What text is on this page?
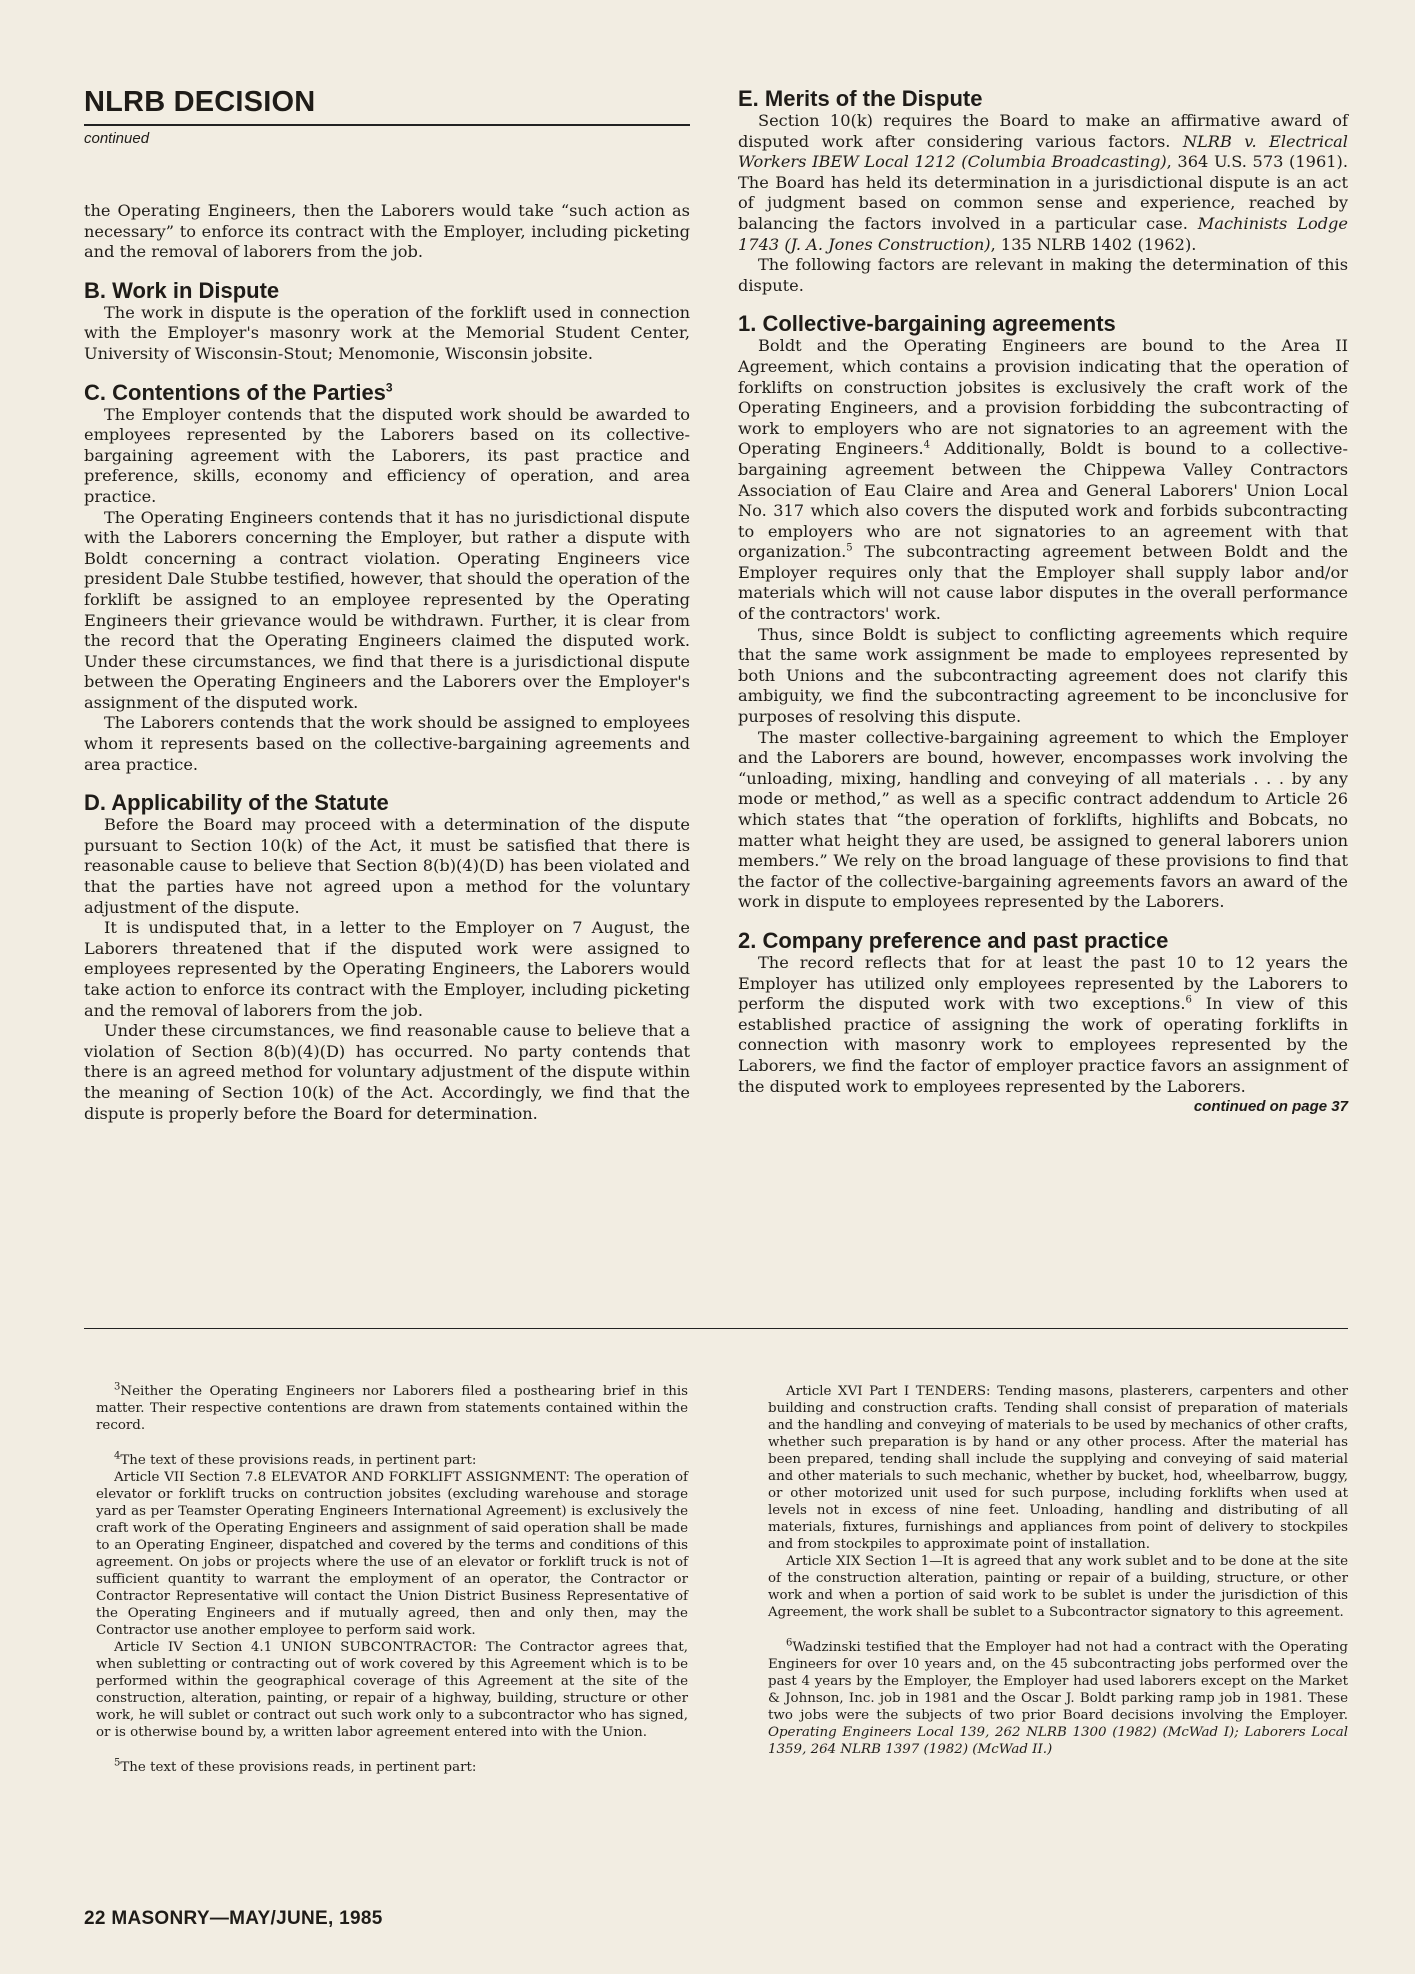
NLRB DECISION
continued

the Operating Engineers, then the Laborers would take “such action as necessary” to enforce its contract with the Employer, including picketing and the removal of laborers from the job.

B. Work in Dispute

The work in dispute is the operation of the forklift used in connection with the Employer's masonry work at the Memorial Student Center, University of Wisconsin-Stout; Menomonie, Wisconsin jobsite.

C. Contentions of the Parties$^3$

The Employer contends that the disputed work should be awarded to employees represented by the Laborers based on its collective-bargaining agreement with the Laborers, its past practice and preference, skills, economy and efficiency of operation, and area practice.

The Operating Engineers contends that it has no jurisdictional dispute with the Laborers concerning the Employer, but rather a dispute with Boldt concerning a contract violation. Operating Engineers vice president Dale Stubbe testified, however, that should the operation of the forklift be assigned to an employee represented by the Operating Engineers their grievance would be withdrawn. Further, it is clear from the record that the Operating Engineers claimed the disputed work. Under these circumstances, we find that there is a jurisdictional dispute between the Operating Engineers and the Laborers over the Employer's assignment of the disputed work.

The Laborers contends that the work should be assigned to employees whom it represents based on the collective-bargaining agreements and area practice.

D. Applicability of the Statute

Before the Board may proceed with a determination of the dispute pursuant to Section 10(k) of the Act, it must be satisfied that there is reasonable cause to believe that Section 8(b)(4)(D) has been violated and that the parties have not agreed upon a method for the voluntary adjustment of the dispute.

It is undisputed that, in a letter to the Employer on 7 August, the Laborers threatened that if the disputed work were assigned to employees represented by the Operating Engineers, the Laborers would take action to enforce its contract with the Employer, including picketing and the removal of laborers from the job.

Under these circumstances, we find reasonable cause to believe that a violation of Section 8(b)(4)(D) has occurred. No party contends that there is an agreed method for voluntary adjustment of the dispute within the meaning of Section 10(k) of the Act. Accordingly, we find that the dispute is properly before the Board for determination.

E. Merits of the Dispute

Section 10(k) requires the Board to make an affirmative award of disputed work after considering various factors. NLRB v. Electrical Workers IBEW Local 1212 (Columbia Broadcasting), 364 U.S. 573 (1961). The Board has held its determination in a jurisdictional dispute is an act of judgment based on common sense and experience, reached by balancing the factors involved in a particular case. Machinists Lodge 1743 (J. A. Jones Construction), 135 NLRB 1402 (1962).

The following factors are relevant in making the determination of this dispute.

1. Collective-bargaining agreements

Boldt and the Operating Engineers are bound to the Area II Agreement, which contains a provision indicating that the operation of forklifts on construction jobsites is exclusively the craft work of the Operating Engineers, and a provision forbidding the subcontracting of work to employers who are not signatories to an agreement with the Operating Engineers.$^4$ Additionally, Boldt is bound to a collective-bargaining agreement between the Chippewa Valley Contractors Association of Eau Claire and Area and General Laborers' Union Local No. 317 which also covers the disputed work and forbids subcontracting to employers who are not signatories to an agreement with that organization.$^5$ The subcontracting agreement between Boldt and the Employer requires only that the Employer shall supply labor and/or materials which will not cause labor disputes in the overall performance of the contractors' work.

Thus, since Boldt is subject to conflicting agreements which require that the same work assignment be made to employees represented by both Unions and the subcontracting agreement does not clarify this ambiguity, we find the subcontracting agreement to be inconclusive for purposes of resolving this dispute.

The master collective-bargaining agreement to which the Employer and the Laborers are bound, however, encompasses work involving the “unloading, mixing, handling and conveying of all materials . . . by any mode or method,” as well as a specific contract addendum to Article 26 which states that “the operation of forklifts, highlifts and Bobcats, no matter what height they are used, be assigned to general laborers union members.” We rely on the broad language of these provisions to find that the factor of the collective-bargaining agreements favors an award of the work in dispute to employees represented by the Laborers.

2. Company preference and past practice

The record reflects that for at least the past 10 to 12 years the Employer has utilized only employees represented by the Laborers to perform the disputed work with two exceptions.$^6$ In view of this established practice of assigning the work of operating forklifts in connection with masonry work to employees represented by the Laborers, we find the factor of employer practice favors an assignment of the disputed work to employees represented by the Laborers.
continued on page 37

$^3$Neither the Operating Engineers nor Laborers filed a posthearing brief in this matter. Their respective contentions are drawn from statements contained within the record.

$^4$The text of these provisions reads, in pertinent part:

Article VII Section 7.8 ELEVATOR AND FORKLIFT ASSIGNMENT: The operation of elevator or forklift trucks on contruction jobsites (excluding warehouse and storage yard as per Teamster Operating Engineers International Agreement) is exclusively the craft work of the Operating Engineers and assignment of said operation shall be made to an Operating Engineer, dispatched and covered by the terms and conditions of this agreement. On jobs or projects where the use of an elevator or forklift truck is not of sufficient quantity to warrant the employment of an operator, the Contractor or Contractor Representative will contact the Union District Business Representative of the Operating Engineers and if mutually agreed, then and only then, may the Contractor use another employee to perform said work.

Article IV Section 4.1 UNION SUBCONTRACTOR: The Contractor agrees that, when subletting or contracting out of work covered by this Agreement which is to be performed within the geographical coverage of this Agreement at the site of the construction, alteration, painting, or repair of a highway, building, structure or other work, he will sublet or contract out such work only to a subcontractor who has signed, or is otherwise bound by, a written labor agreement entered into with the Union.

$^5$The text of these provisions reads, in pertinent part:

Article XVI Part I TENDERS: Tending masons, plasterers, carpenters and other building and construction crafts. Tending shall consist of preparation of materials and the handling and conveying of materials to be used by mechanics of other crafts, whether such preparation is by hand or any other process. After the material has been prepared, tending shall include the supplying and conveying of said material and other materials to such mechanic, whether by bucket, hod, wheelbarrow, buggy, or other motorized unit used for such purpose, including forklifts when used at levels not in excess of nine feet. Unloading, handling and distributing of all materials, fixtures, furnishings and appliances from point of delivery to stockpiles and from stockpiles to approximate point of installation.

Article XIX Section 1—It is agreed that any work sublet and to be done at the site of the construction alteration, painting or repair of a building, structure, or other work and when a portion of said work to be sublet is under the jurisdiction of this Agreement, the work shall be sublet to a Subcontractor signatory to this agreement.

$^6$Wadzinski testified that the Employer had not had a contract with the Operating Engineers for over 10 years and, on the 45 subcontracting jobs performed over the past 4 years by the Employer, the Employer had used laborers except on the Market & Johnson, Inc. job in 1981 and the Oscar J. Boldt parking ramp job in 1981. These two jobs were the subjects of two prior Board decisions involving the Employer. Operating Engineers Local 139, 262 NLRB 1300 (1982) (McWad I); Laborers Local 1359, 264 NLRB 1397 (1982) (McWad II.)

22 MASONRY—MAY/JUNE, 1985
